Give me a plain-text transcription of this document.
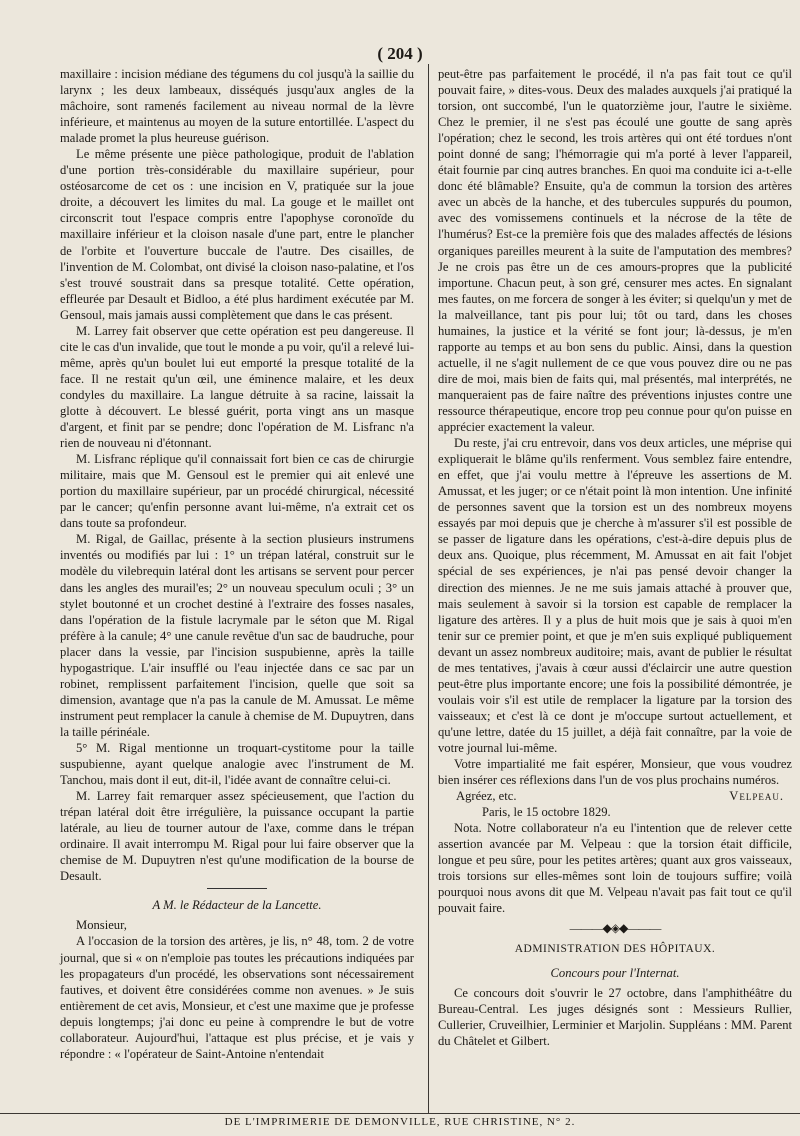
( 204 )

maxillaire : incision médiane des tégumens du col jusqu'à la saillie du larynx ; les deux lambeaux, disséqués jusqu'aux angles de la mâchoire, sont ramenés facilement au niveau normal de la lèvre inférieure, et maintenus au moyen de la suture entortillée. L'aspect du malade promet la plus heureuse guérison.

Le même présente une pièce pathologique, produit de l'ablation d'une portion très-considérable du maxillaire supérieur, pour ostéosarcome de cet os : une incision en V, pratiquée sur la joue droite, a découvert les limites du mal. La gouge et le maillet ont circonscrit tout l'espace compris entre l'apophyse coronoïde du maxillaire inférieur et la cloison nasale d'une part, entre le plancher de l'orbite et l'ouverture buccale de l'autre. Des cisailles, de l'invention de M. Colombat, ont divisé la cloison naso-palatine, et l'os s'est trouvé soustrait dans sa presque totalité. Cette opération, effleurée par Desault et Bidloo, a été plus hardiment exécutée par M. Gensoul, mais jamais aussi complètement que dans le cas présent.

M. Larrey fait observer que cette opération est peu dangereuse. Il cite le cas d'un invalide, que tout le monde a pu voir, qu'il a relevé lui-même, après qu'un boulet lui eut emporté la presque totalité de la face. Il ne restait qu'un œil, une éminence malaire, et les deux condyles du maxillaire. La langue détruite à sa racine, laissait la glotte à découvert. Le blessé guérit, porta vingt ans un masque d'argent, et finit par se pendre; donc l'opération de M. Lisfranc n'a rien de nouveau ni d'étonnant.

M. Lisfranc réplique qu'il connaissait fort bien ce cas de chirurgie militaire, mais que M. Gensoul est le premier qui ait enlevé une portion du maxillaire supérieur, par un procédé chirurgical, nécessité par le cancer; qu'enfin personne avant lui-même, n'a extrait cet os dans toute sa profondeur.

M. Rigal, de Gaillac, présente à la section plusieurs instrumens inventés ou modifiés par lui : 1° un trépan latéral, construit sur le modèle du vilebrequin latéral dont les artisans se servent pour percer dans les angles des murail'es; 2° un nouveau speculum oculi ; 3° un stylet boutonné et un crochet destiné à l'extraire des fosses nasales, dans l'opération de la fistule lacrymale par le séton que M. Rigal préfère à la canule; 4° une canule revêtue d'un sac de baudruche, pour placer dans la vessie, par l'incision suspubienne, après la taille hypogastrique. L'air insufflé ou l'eau injectée dans ce sac par un robinet, remplissent parfaitement l'incision, quelle que soit sa dimension, avantage que n'a pas la canule de M. Amussat. Le même instrument peut remplacer la canule à chemise de M. Dupuytren, dans la taille périnéale.

5° M. Rigal mentionne un troquart-cystitome pour la taille suspubienne, ayant quelque analogie avec l'instrument de M. Tanchou, mais dont il eut, dit-il, l'idée avant de connaître celui-ci.

M. Larrey fait remarquer assez spécieusement, que l'action du trépan latéral doit être irrégulière, la puissance occupant la partie latérale, au lieu de tourner autour de l'axe, comme dans le trépan ordinaire. Il avait interrompu M. Rigal pour lui faire observer que la chemise de M. Dupuytren n'est qu'une modification de la bourse de Desault.

A M. le Rédacteur de la Lancette.

Monsieur,

A l'occasion de la torsion des artères, je lis, n° 48, tom. 2 de votre journal, que si « on n'emploie pas toutes les précautions indiquées par les propagateurs d'un procédé, les observations sont nécessairement fautives, et doivent être considérées comme non avenues. » Je suis entièrement de cet avis, Monsieur, et c'est une maxime que je professe depuis longtemps; j'ai donc eu peine à comprendre le but de votre collaborateur. Aujourd'hui, l'attaque est plus précise, et je vais y répondre : « l'opérateur de Saint-Antoine n'entendait

peut-être pas parfaitement le procédé, il n'a pas fait tout ce qu'il pouvait faire, » dites-vous. Deux des malades auxquels j'ai pratiqué la torsion, ont succombé, l'un le quatorzième jour, l'autre le sixième. Chez le premier, il ne s'est pas écoulé une goutte de sang après l'opération; chez le second, les trois artères qui ont été tordues n'ont point donné de sang; l'hémorragie qui m'a porté à lever l'appareil, était fournie par cinq autres branches. En quoi ma conduite ici a-t-elle donc été blâmable? Ensuite, qu'a de commun la torsion des artères avec un abcès de la hanche, et des tubercules suppurés du poumon, avec des vomissemens continuels et la nécrose de la tête de l'humérus? Est-ce la première fois que des malades affectés de lésions organiques pareilles meurent à la suite de l'amputation des membres? Je ne crois pas être un de ces amours-propres que la publicité importune. Chacun peut, à son gré, censurer mes actes. En signalant mes fautes, on me forcera de songer à les éviter; si quelqu'un y met de la malveillance, tant pis pour lui; tôt ou tard, dans les choses humaines, la justice et la vérité se font jour; là-dessus, je m'en rapporte au temps et au bon sens du public. Ainsi, dans la question actuelle, il ne s'agit nullement de ce que vous pouvez dire ou ne pas dire de moi, mais bien de faits qui, mal présentés, mal interprétés, ne manqueraient pas de faire naître des préventions injustes contre une ressource thérapeutique, encore trop peu connue pour qu'on puisse en apprécier exactement la valeur.

Du reste, j'ai cru entrevoir, dans vos deux articles, une méprise qui expliquerait le blâme qu'ils renferment. Vous semblez faire entendre, en effet, que j'ai voulu mettre à l'épreuve les assertions de M. Amussat, et les juger; or ce n'était point là mon intention. Une infinité de personnes savent que la torsion est un des nombreux moyens essayés par moi depuis que je cherche à m'assurer s'il est possible de se passer de ligature dans les opérations, c'est-à-dire depuis plus de deux ans. Quoique, plus récemment, M. Amussat en ait fait l'objet spécial de ses expériences, je n'ai pas pensé devoir changer la direction des miennes. Je ne me suis jamais attaché à prouver que, mais seulement à savoir si la torsion est capable de remplacer la ligature des artères. Il y a plus de huit mois que je sais à quoi m'en tenir sur ce premier point, et que je m'en suis expliqué publiquement devant un assez nombreux auditoire; mais, avant de publier le résultat de mes tentatives, j'avais à cœur aussi d'éclaircir une autre question peut-être plus importante encore; une fois la possibilité démontrée, je voulais voir s'il est utile de remplacer la ligature par la torsion des vaisseaux; et c'est là ce dont je m'occupe surtout actuellement, et qu'une lettre, datée du 15 juillet, a déjà fait connaître, par la voie de votre journal lui-même.

Votre impartialité me fait espérer, Monsieur, que vous voudrez bien insérer ces réflexions dans l'un de vos plus prochains numéros.

Agréez, etc.	Velpeau.
Paris, le 15 octobre 1829.

Nota. Notre collaborateur n'a eu l'intention que de relever cette assertion avancée par M. Velpeau : que la torsion était difficile, longue et peu sûre, pour les petites artères; quant aux gros vaisseaux, trois torsions sur elles-mêmes sont loin de toujours suffire; voilà pourquoi nous avons dit que M. Velpeau n'avait pas fait tout ce qu'il pouvait faire.

———◆◈◆———
ADMINISTRATION DES HÔPITAUX.
Concours pour l'Internat.

Ce concours doit s'ouvrir le 27 octobre, dans l'amphithéâtre du Bureau-Central. Les juges désignés sont : Messieurs Rullier, Cullerier, Cruveilhier, Lerminier et Marjolin. Suppléans : MM. Parent du Châtelet et Gilbert.

DE L'IMPRIMERIE DE DEMONVILLE, RUE CHRISTINE, N° 2.
